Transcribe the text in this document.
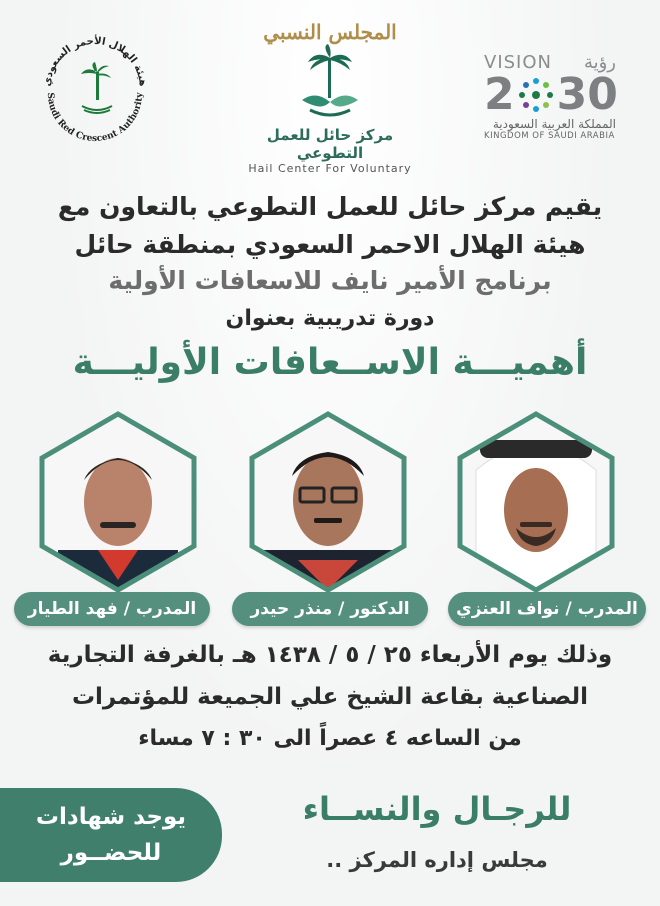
هيئة الهلال الأحمر السعودي
Saudi Red Crescent Authority
المجلس النسبي
مركز حائل للعمل التطوعي
Hail Center For Voluntary
VISION رؤية
2 30
المملكة العربية السعودية
KINGDOM OF SAUDI ARABIA
يقيم مركز حائل للعمل التطوعي بالتعاون مع
هيئة الهلال الاحمر السعودي بمنطقة حائل
برنامج الأمير نايف للاسعافات الأولية
دورة تدريبية بعنوان
أهميـــة الاســعافات الأوليـــة
المدرب / فهد الطيار	الدكتور / منذر حيدر	المدرب / نواف العنزي
وذلك يوم الأربعاء ٢٥ / ٥ / ١٤٣٨ هـ بالغرفة التجارية
الصناعية بقاعة الشيخ علي الجميعة للمؤتمرات
من الساعه ٤ عصراً الى ٣٠ : ٧ مساء
يوجد شهادات
للحضــور
للرجـال والنســاء
مجلس إداره المركز ..
